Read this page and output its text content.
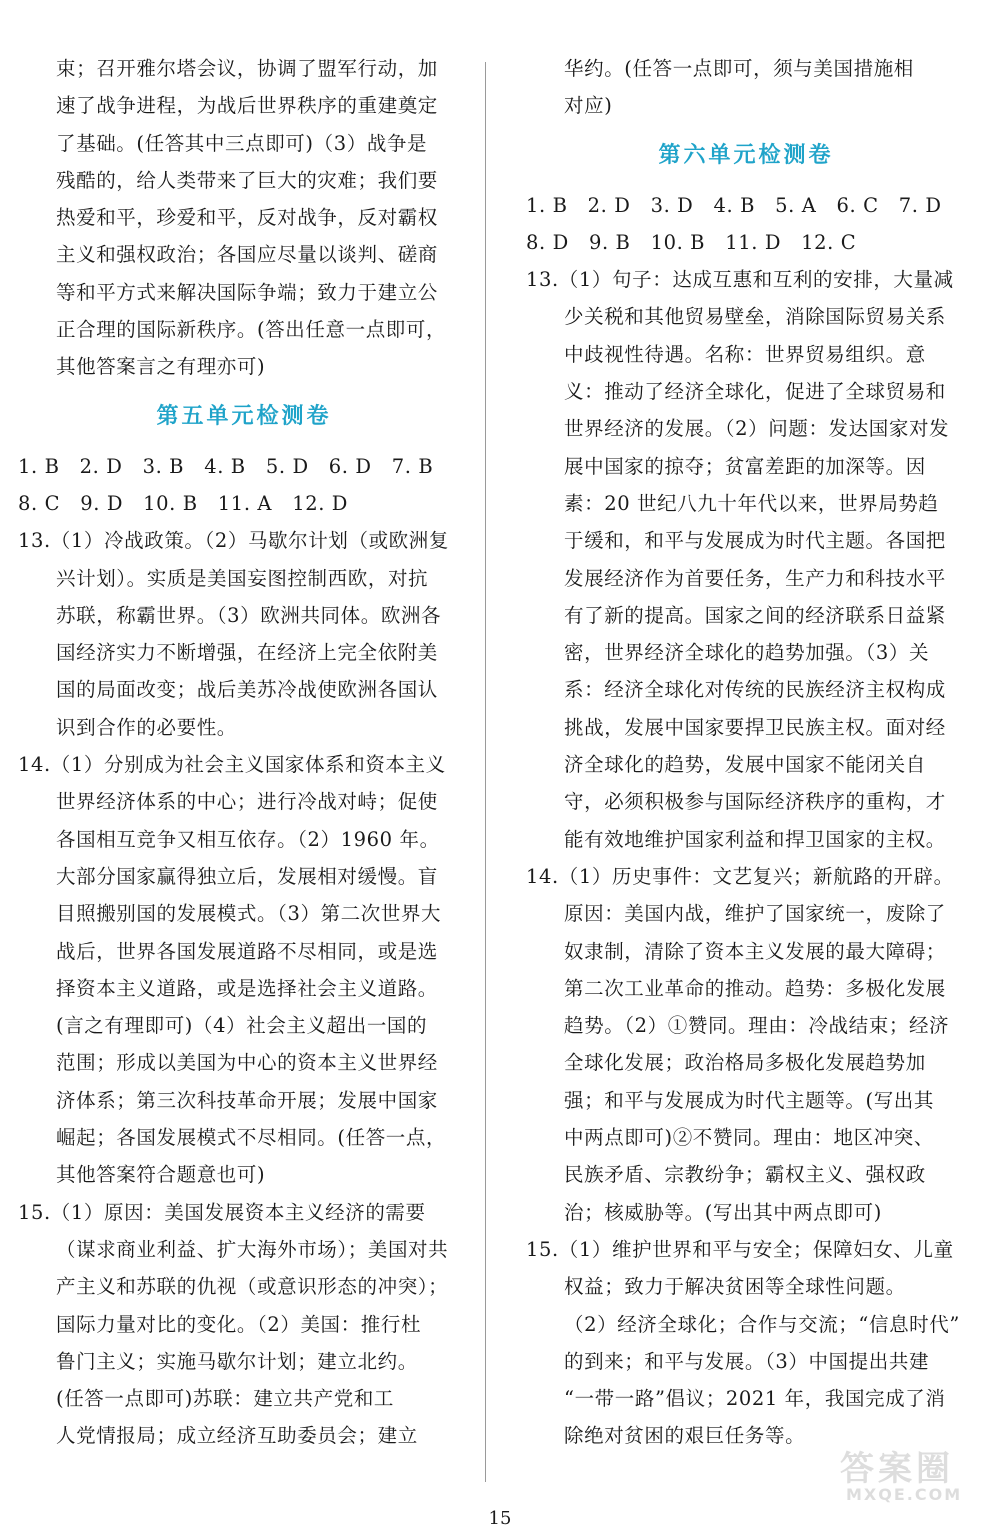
束；召开雅尔塔会议，协调了盟军行动，加
速了战争进程，为战后世界秩序的重建奠定
了基础。(任答其中三点即可)（3）战争是
残酷的，给人类带来了巨大的灾难；我们要
热爱和平，珍爱和平，反对战争，反对霸权
主义和强权政治；各国应尽量以谈判、磋商
等和平方式来解决国际争端；致力于建立公
正合理的国际新秩序。(答出任意一点即可，
其他答案言之有理亦可)
第五单元检测卷
1. B　2. D　3. B　4. B　5. D　6. D　7. B
8. C　9. D　10. B　11. A　12. D
13.（1）冷战政策。（2）马歇尔计划（或欧洲复
兴计划）。实质是美国妄图控制西欧，对抗
苏联，称霸世界。（3）欧洲共同体。欧洲各
国经济实力不断增强，在经济上完全依附美
国的局面改变；战后美苏冷战使欧洲各国认
识到合作的必要性。
14.（1）分别成为社会主义国家体系和资本主义
世界经济体系的中心；进行冷战对峙；促使
各国相互竞争又相互依存。（2）1960 年。
大部分国家赢得独立后，发展相对缓慢。盲
目照搬别国的发展模式。（3）第二次世界大
战后，世界各国发展道路不尽相同，或是选
择资本主义道路，或是选择社会主义道路。
(言之有理即可)（4）社会主义超出一国的
范围；形成以美国为中心的资本主义世界经
济体系；第三次科技革命开展；发展中国家
崛起；各国发展模式不尽相同。(任答一点，
其他答案符合题意也可)
15.（1）原因：美国发展资本主义经济的需要
（谋求商业利益、扩大海外市场）；美国对共
产主义和苏联的仇视（或意识形态的冲突）；
国际力量对比的变化。（2）美国：推行杜
鲁门主义；实施马歇尔计划；建立北约。
(任答一点即可)苏联：建立共产党和工
人党情报局；成立经济互助委员会；建立
华约。(任答一点即可，须与美国措施相
对应)
第六单元检测卷
1. B　2. D　3. D　4. B　5. A　6. C　7. D
8. D　9. B　10. B　11. D　12. C
13.（1）句子：达成互惠和互利的安排，大量减
少关税和其他贸易壁垒，消除国际贸易关系
中歧视性待遇。名称：世界贸易组织。意
义：推动了经济全球化，促进了全球贸易和
世界经济的发展。（2）问题：发达国家对发
展中国家的掠夺；贫富差距的加深等。因
素：20 世纪八九十年代以来，世界局势趋
于缓和，和平与发展成为时代主题。各国把
发展经济作为首要任务，生产力和科技水平
有了新的提高。国家之间的经济联系日益紧
密，世界经济全球化的趋势加强。（3）关
系：经济全球化对传统的民族经济主权构成
挑战，发展中国家要捍卫民族主权。面对经
济全球化的趋势，发展中国家不能闭关自
守，必须积极参与国际经济秩序的重构，才
能有效地维护国家利益和捍卫国家的主权。
14.（1）历史事件：文艺复兴；新航路的开辟。
原因：美国内战，维护了国家统一，废除了
奴隶制，清除了资本主义发展的最大障碍；
第二次工业革命的推动。趋势：多极化发展
趋势。（2）①赞同。理由：冷战结束；经济
全球化发展；政治格局多极化发展趋势加
强；和平与发展成为时代主题等。(写出其
中两点即可)②不赞同。理由：地区冲突、
民族矛盾、宗教纷争；霸权主义、强权政
治；核威胁等。(写出其中两点即可)
15.（1）维护世界和平与安全；保障妇女、儿童
权益；致力于解决贫困等全球性问题。
（2）经济全球化；合作与交流；“信息时代”
的到来；和平与发展。（3）中国提出共建
“一带一路”倡议；2021 年，我国完成了消
除绝对贫困的艰巨任务等。
15
答案圈
MXQE.COM
